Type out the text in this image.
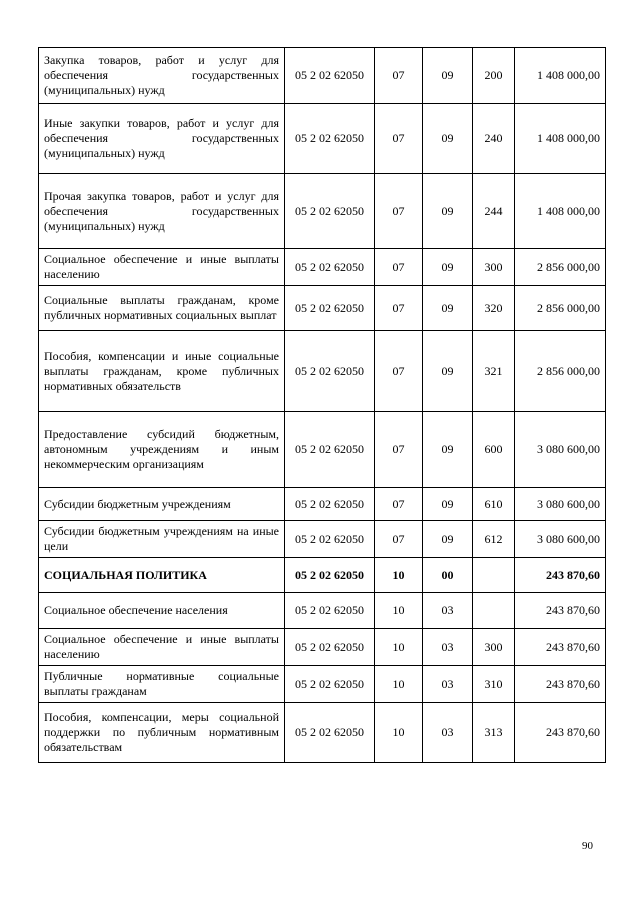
Закупка товаров, работ и услуг для обеспечения государственных (муниципальных) нужд	05 2 02 62050	07	09	200	1 408 000,00
Иные закупки товаров, работ и услуг для обеспечения государственных (муниципальных) нужд	05 2 02 62050	07	09	240	1 408 000,00
Прочая закупка товаров, работ и услуг для обеспечения государственных (муниципальных) нужд	05 2 02 62050	07	09	244	1 408 000,00
Социальное обеспечение и иные выплаты населению	05 2 02 62050	07	09	300	2 856 000,00
Социальные выплаты гражданам, кроме публичных нормативных социальных выплат	05 2 02 62050	07	09	320	2 856 000,00
Пособия, компенсации и иные социальные выплаты гражданам, кроме публичных нормативных обязательств	05 2 02 62050	07	09	321	2 856 000,00
Предоставление субсидий бюджетным, автономным учреждениям и иным некоммерческим организациям	05 2 02 62050	07	09	600	3 080 600,00
Субсидии бюджетным учреждениям	05 2 02 62050	07	09	610	3 080 600,00
Субсидии бюджетным учреждениям на иные цели	05 2 02 62050	07	09	612	3 080 600,00
СОЦИАЛЬНАЯ ПОЛИТИКА	05 2 02 62050	10	00		243 870,60
Социальное обеспечение населения	05 2 02 62050	10	03		243 870,60
Социальное обеспечение и иные выплаты населению	05 2 02 62050	10	03	300	243 870,60
Публичные нормативные социальные выплаты гражданам	05 2 02 62050	10	03	310	243 870,60
Пособия, компенсации, меры социальной поддержки по публичным нормативным обязательствам	05 2 02 62050	10	03	313	243 870,60
90
